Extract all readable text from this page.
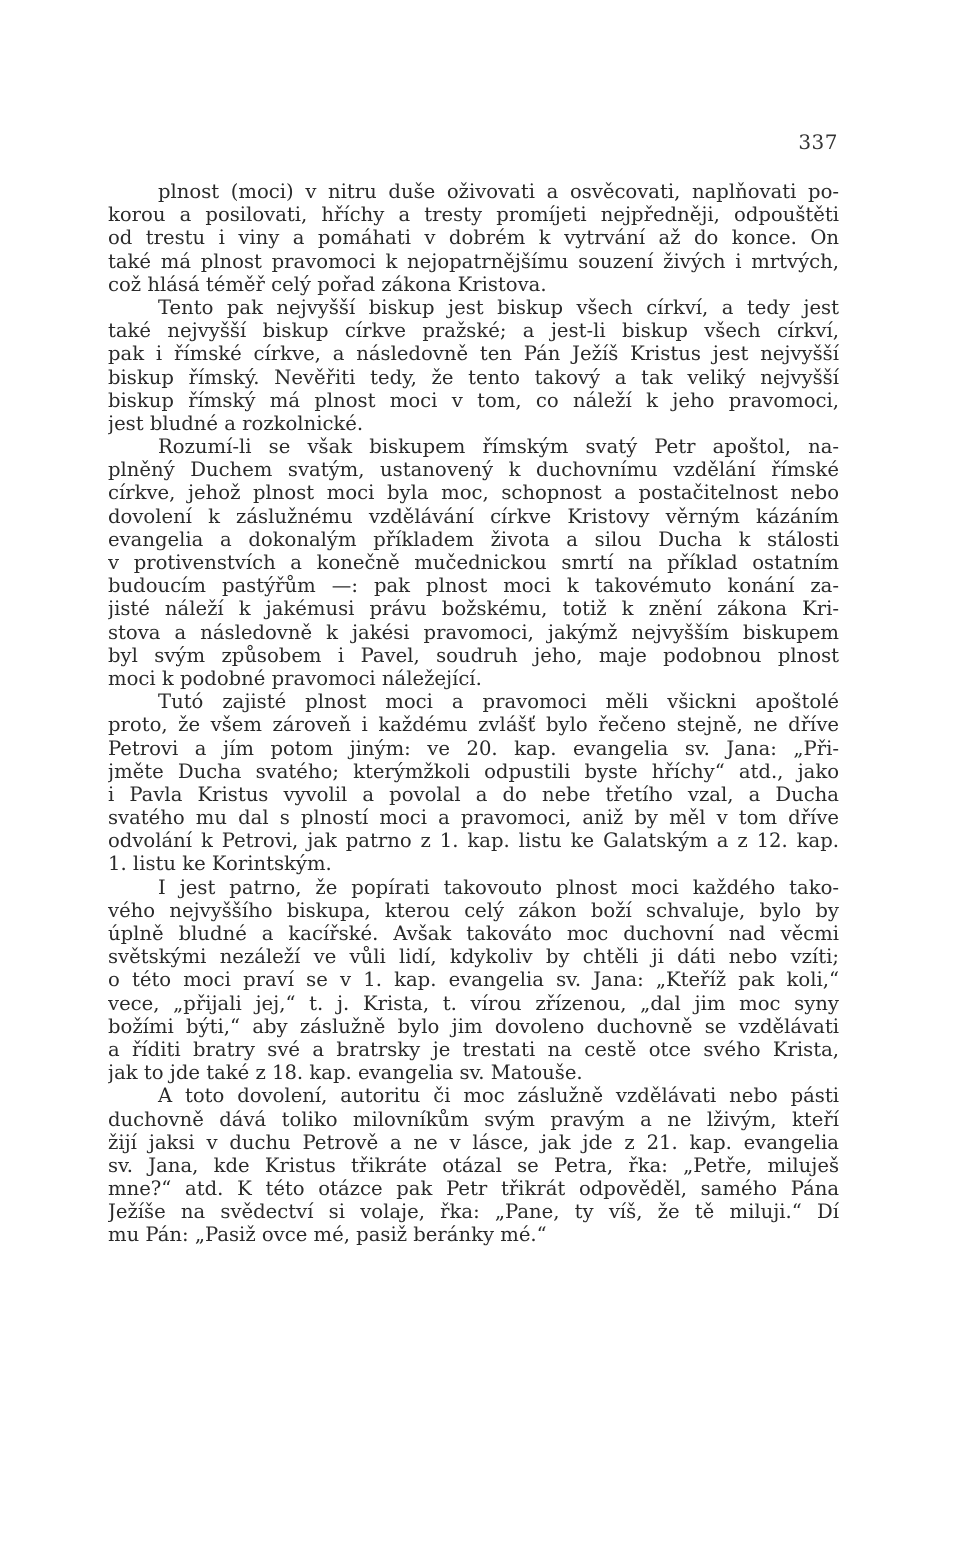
337
plnost (moci) v nitru duše oživovati a osvěcovati, naplňovati po-
korou a posilovati, hříchy a tresty promíjeti nejpředněji, odpouštěti
od trestu i viny a pomáhati v dobrém k vytrvání až do konce. On
také má plnost pravomoci k nejopatrnějšímu souzení živých i mrtvých,
což hlásá téměř celý pořad zákona Kristova.
Tento pak nejvyšší biskup jest biskup všech církví, a tedy jest
také nejvyšší biskup církve pražské; a jest-li biskup všech církví,
pak i římské církve, a následovně ten Pán Ježíš Kristus jest nejvyšší
biskup římský. Nevěřiti tedy, že tento takový a tak veliký nejvyšší
biskup římský má plnost moci v tom, co náleží k jeho pravomoci,
jest bludné a rozkolnické.
Rozumí-li se však biskupem římským svatý Petr apoštol, na-
plněný Duchem svatým, ustanovený k duchovnímu vzdělání římské
církve, jehož plnost moci byla moc, schopnost a postačitelnost nebo
dovolení k záslužnému vzdělávání církve Kristovy věrným kázáním
evangelia a dokonalým příkladem života a silou Ducha k stálosti
v protivenstvích a konečně mučednickou smrtí na příklad ostatním
budoucím pastýřům —: pak plnost moci k takovémuto konání za-
jisté náleží k jakémusi právu božskému, totiž k znění zákona Kri-
stova a následovně k jakési pravomoci, jakýmž nejvyšším biskupem
byl svým způsobem i Pavel, soudruh jeho, maje podobnou plnost
moci k podobné pravomoci náležející.
Tutó zajisté plnost moci a pravomoci měli všickni apoštolé
proto, že všem zároveň i každému zvlášť bylo řečeno stejně, ne dříve
Petrovi a jím potom jiným: ve 20. kap. evangelia sv. Jana: „Při-
jměte Ducha svatého; kterýmžkoli odpustili byste hříchy“ atd., jako
i Pavla Kristus vyvolil a povolal a do nebe třetího vzal, a Ducha
svatého mu dal s plností moci a pravomoci, aniž by měl v tom dříve
odvolání k Petrovi, jak patrno z 1. kap. listu ke Galatským a z 12. kap.
1. listu ke Korintským.
I jest patrno, že popírati takovouto plnost moci každého tako-
vého nejvyššího biskupa, kterou celý zákon boží schvaluje, bylo by
úplně bludné a kacířské. Avšak takováto moc duchovní nad věcmi
světskými nezáleží ve vůli lidí, kdykoliv by chtěli ji dáti nebo vzíti;
o této moci praví se v 1. kap. evangelia sv. Jana: „Kteříž pak koli,“
vece, „přijali jej,“ t. j. Krista, t. vírou zřízenou, „dal jim moc syny
božími býti,“ aby záslužně bylo jim dovoleno duchovně se vzdělávati
a říditi bratry své a bratrsky je trestati na cestě otce svého Krista,
jak to jde také z 18. kap. evangelia sv. Matouše.
A toto dovolení, autoritu či moc záslužně vzdělávati nebo pásti
duchovně dává toliko milovníkům svým pravým a ne lživým, kteří
žijí jaksi v duchu Petrově a ne v lásce, jak jde z 21. kap. evangelia
sv. Jana, kde Kristus třikráte otázal se Petra, řka: „Petře, miluješ
mne?“ atd. K této otázce pak Petr třikrát odpověděl, samého Pána
Ježíše na svědectví si volaje, řka: „Pane, ty víš, že tě miluji.“ Dí
mu Pán: „Pasiž ovce mé, pasiž beránky mé.“
